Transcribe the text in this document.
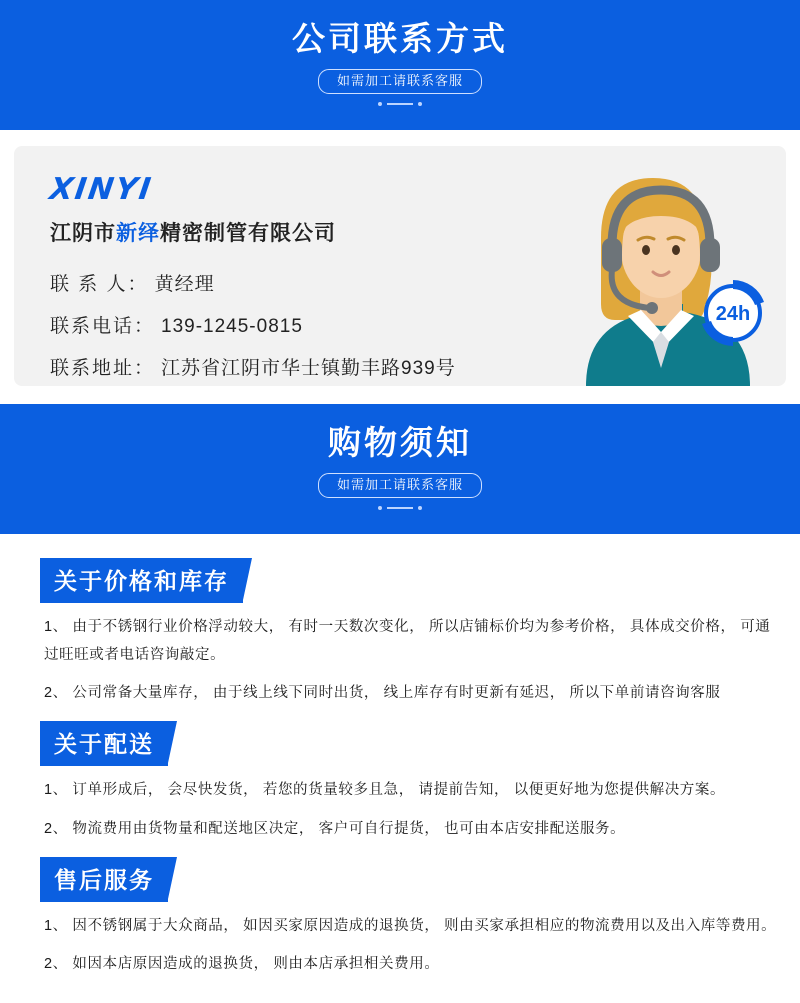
公司联系方式
如需加工请联系客服
XINYI
江阴市新绎精密制管有限公司
联 系 人： 黄经理
联系电话： 139-1245-0815
联系地址： 江苏省江阴市华士镇勤丰路939号
24h
购物须知
如需加工请联系客服
关于价格和库存
1、 由于不锈钢行业价格浮动较大， 有时一天数次变化， 所以店铺标价均为参考价格， 具体成交价格， 可通过旺旺或者电话咨询敲定。
2、 公司常备大量库存， 由于线上线下同时出货， 线上库存有时更新有延迟， 所以下单前请咨询客服
关于配送
1、 订单形成后， 会尽快发货， 若您的货量较多且急， 请提前告知， 以便更好地为您提供解决方案。
2、 物流费用由货物量和配送地区决定， 客户可自行提货， 也可由本店安排配送服务。
售后服务
1、 因不锈钢属于大众商品， 如因买家原因造成的退换货， 则由买家承担相应的物流费用以及出入库等费用。
2、 如因本店原因造成的退换货， 则由本店承担相关费用。
